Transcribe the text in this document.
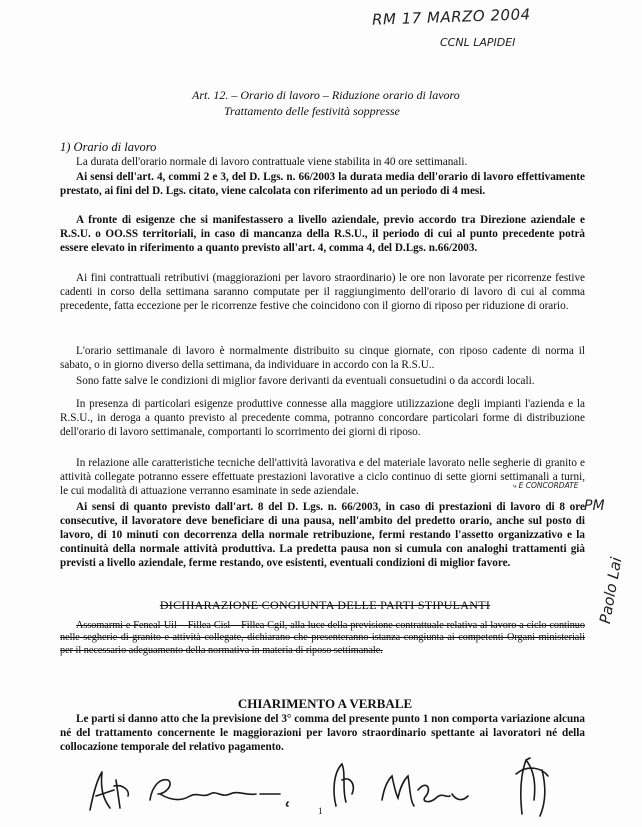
RM 17 MARZO 2004
CCNL LAPIDEI
Art. 12. – Orario di lavoro – Riduzione orario di lavoro
Trattamento delle festività soppresse
1) Orario di lavoro
La durata dell'orario normale di lavoro contrattuale viene stabilita in 40 ore settimanali.
Ai sensi dell'art. 4, commi 2 e 3, del D. Lgs. n. 66/2003 la durata media dell'orario di lavoro effettivamente prestato, ai fini del D. Lgs. citato, viene calcolata con riferimento ad un periodo di 4 mesi.
A fronte di esigenze che si manifestassero a livello aziendale, previo accordo tra Direzione aziendale e R.S.U. o OO.SS territoriali, in caso di mancanza della R.S.U., il periodo di cui al punto precedente potrà essere elevato in riferimento a quanto previsto all'art. 4, comma 4, del D.Lgs. n.66/2003.
Ai fini contrattuali retributivi (maggiorazioni per lavoro straordinario) le ore non lavorate per ricorrenze festive cadenti in corso della settimana saranno computate per il raggiungimento dell'orario di lavoro di cui al comma precedente, fatta eccezione per le ricorrenze festive che coincidono con il giorno di riposo per riduzione di orario.
L'orario settimanale di lavoro è normalmente distribuito su cinque giornate, con riposo cadente di norma il sabato, o in giorno diverso della settimana, da individuare in accordo con la R.S.U..
Sono fatte salve le condizioni di miglior favore derivanti da eventuali consuetudini o da accordi locali.
In presenza di particolari esigenze produttive connesse alla maggiore utilizzazione degli impianti l'azienda e la R.S.U., in deroga a quanto previsto al precedente comma, potranno concordare particolari forme di distribuzione dell'orario di lavoro settimanale, comportanti lo scorrimento dei giorni di riposo.
In relazione alle caratteristiche tecniche dell'attività lavorativa e del materiale lavorato nelle segherie di granito e attività collegate potranno essere effettuate prestazioni lavorative a ciclo continuo di sette giorni settimanali a turni, le cui modalità di attuazione verranno esaminate in sede aziendale.	⤷ E CONCORDATE
PM
Ai sensi di quanto previsto dall'art. 8 del D. Lgs. n. 66/2003, in caso di prestazioni di lavoro di 8 ore consecutive, il lavoratore deve beneficiare di una pausa, nell'ambito del predetto orario, anche sul posto di lavoro, di 10 minuti con decorrenza della normale retribuzione, fermi restando l'assetto organizzativo e la continuità della normale attività produttiva. La predetta pausa non si cumula con analoghi trattamenti già previsti a livello aziendale, ferme restando, ove esistenti, eventuali condizioni di miglior favore.
DICHIARAZIONE CONGIUNTA DELLE PARTI STIPULANTI
Assomarmi e Feneal-Uil – Fillea Cisl – Fillea Cgil, alla luce della previsione contrattuale relativa al lavoro a ciclo continuo nelle segherie di granito e attività collegate, dichiarano che presenteranno istanza congiunta ai competenti Organi ministeriali per il necessario adeguamento della normativa in materia di riposo settimanale.
Paolo Lai
CHIARIMENTO A VERBALE
Le parti si danno atto che la previsione del 3° comma del presente punto 1 non comporta variazione alcuna né del trattamento concernente le maggiorazioni per lavoro straordinario spettante ai lavoratori né della collocazione temporale del relativo pagamento.
1
